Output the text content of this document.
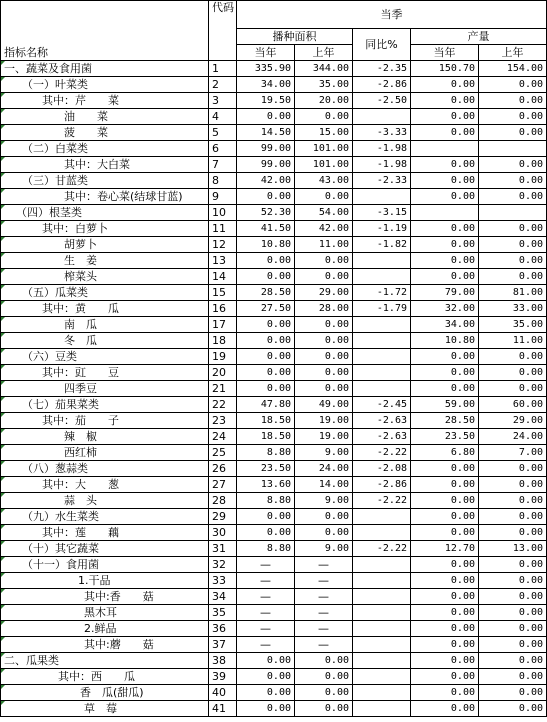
指标名称	代码	当季				
		播种面积		同比%	产量	
		当年	上年		当年	上年

一、蔬菜及食用菌	1	335.90	344.00	-2.35	150.70	154.00

（一）叶菜类	2	34.00	35.00	-2.86	0.00	0.00

其中：芹　　菜	3	19.50	20.00	-2.50	0.00	0.00

油　　菜	4	0.00	0.00		0.00	0.00

菠　　菜	5	14.50	15.00	-3.33	0.00	0.00

（二）白菜类	6	99.00	101.00	-1.98		

其中：大白菜	7	99.00	101.00	-1.98	0.00	0.00

（三）甘蓝类	8	42.00	43.00	-2.33	0.00	0.00

其中：卷心菜(结球甘蓝)	9	0.00	0.00		0.00	0.00

（四）根茎类	10	52.30	54.00	-3.15		

其中：白萝卜	11	41.50	42.00	-1.19	0.00	0.00

胡萝卜	12	10.80	11.00	-1.82	0.00	0.00

生　姜	13	0.00	0.00		0.00	0.00

榨菜头	14	0.00	0.00		0.00	0.00

（五）瓜菜类	15	28.50	29.00	-1.72	79.00	81.00

其中：黄　　瓜	16	27.50	28.00	-1.79	32.00	33.00

南　瓜	17	0.00	0.00		34.00	35.00

冬　瓜	18	0.00	0.00		10.80	11.00

（六）豆类	19	0.00	0.00		0.00	0.00

其中：豇　　豆	20	0.00	0.00		0.00	0.00

四季豆	21	0.00	0.00		0.00	0.00

（七）茄果菜类	22	47.80	49.00	-2.45	59.00	60.00

其中：茄　　子	23	18.50	19.00	-2.63	28.50	29.00

辣　椒	24	18.50	19.00	-2.63	23.50	24.00

西红柿	25	8.80	9.00	-2.22	6.80	7.00

（八）葱蒜类	26	23.50	24.00	-2.08	0.00	0.00

其中：大　　葱	27	13.60	14.00	-2.86	0.00	0.00

蒜　头	28	8.80	9.00	-2.22	0.00	0.00

（九）水生菜类	29	0.00	0.00		0.00	0.00

其中：莲　　藕	30	0.00	0.00		0.00	0.00

（十）其它蔬菜	31	8.80	9.00	-2.22	12.70	13.00

（十一）食用菌	32	—	—		0.00	0.00

1.干品	33	—	—		0.00	0.00

其中:香　　菇	34	—	—		0.00	0.00

黑木耳	35	—	—		0.00	0.00

2.鲜品	36	—	—		0.00	0.00

其中:蘑　　菇	37	—	—		0.00	0.00

二、瓜果类	38	0.00	0.00		0.00	0.00

其中：西　　瓜	39	0.00	0.00		0.00	0.00

香　瓜(甜瓜)	40	0.00	0.00		0.00	0.00

草　莓	41	0.00	0.00		0.00	0.00
